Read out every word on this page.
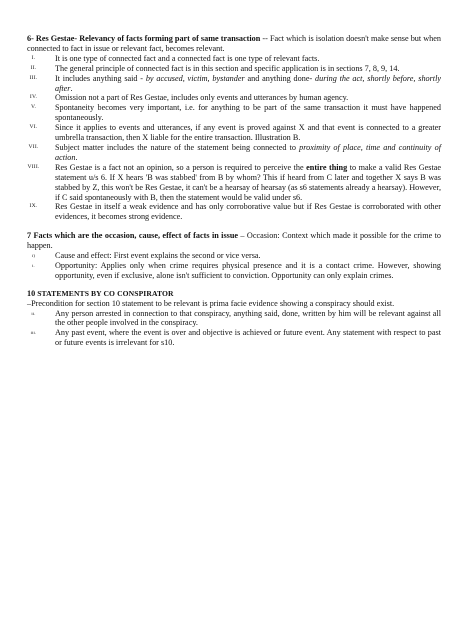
6- Res Gestae- Relevancy of facts forming part of same transaction -- Fact which is isolation doesn't make sense but when connected to fact in issue or relevant fact, becomes relevant.

I.	It is one type of connected fact and a connected fact is one type of relevant facts.
II.	The general principle of connected fact is in this section and specific application is in sections 7, 8, 9, 14.
III.	It includes anything said - by accused, victim, bystander and anything done- during the act, shortly before, shortly after.
IV.	Omission not a part of Res Gestae, includes only events and utterances by human agency.
V.	Spontaneity becomes very important, i.e. for anything to be part of the same transaction it must have happened spontaneously.
VI.	Since it applies to events and utterances, if any event is proved against X and that event is connected to a greater umbrella transaction, then X liable for the entire transaction. Illustration B.
VII. Subject matter includes the nature of the statement being connected to proximity of place, time and continuity of action.
VIII. Res Gestae is a fact not an opinion, so a person is required to perceive the entire thing to make a valid Res Gestae statement u/s 6. If X hears 'B was stabbed' from B by whom? This if heard from C later and together X says B was stabbed by Z, this won't be Res Gestae, it can't be a hearsay of hearsay (as s6 statements already a hearsay). However, if C said spontaneously with B, then the statement would be valid under s6.
IX.	Res Gestae in itself a weak evidence and has only corroborative value but if Res Gestae is corroborated with other evidences, it becomes strong evidence.

7 Facts which are the occasion, cause, effect of facts in issue – Occasion: Context which made it possible for the crime to happen.

i)	Cause and effect: First event explains the second or vice versa.
i.	Opportunity: Applies only when crime requires physical presence and it is a contact crime. However, showing opportunity, even if exclusive, alone isn't sufficient to conviction. Opportunity can only explain crimes.

10 STATEMENTS BY CO CONSPIRATOR

–Precondition for section 10 statement to be relevant is prima facie evidence showing a conspiracy should exist.

ii.	Any person arrested in connection to that conspiracy, anything said, done, written by him will be relevant against all the other people involved in the conspiracy.
iii.	Any past event, where the event is over and objective is achieved or future event. Any statement with respect to past or future events is irrelevant for s10.
